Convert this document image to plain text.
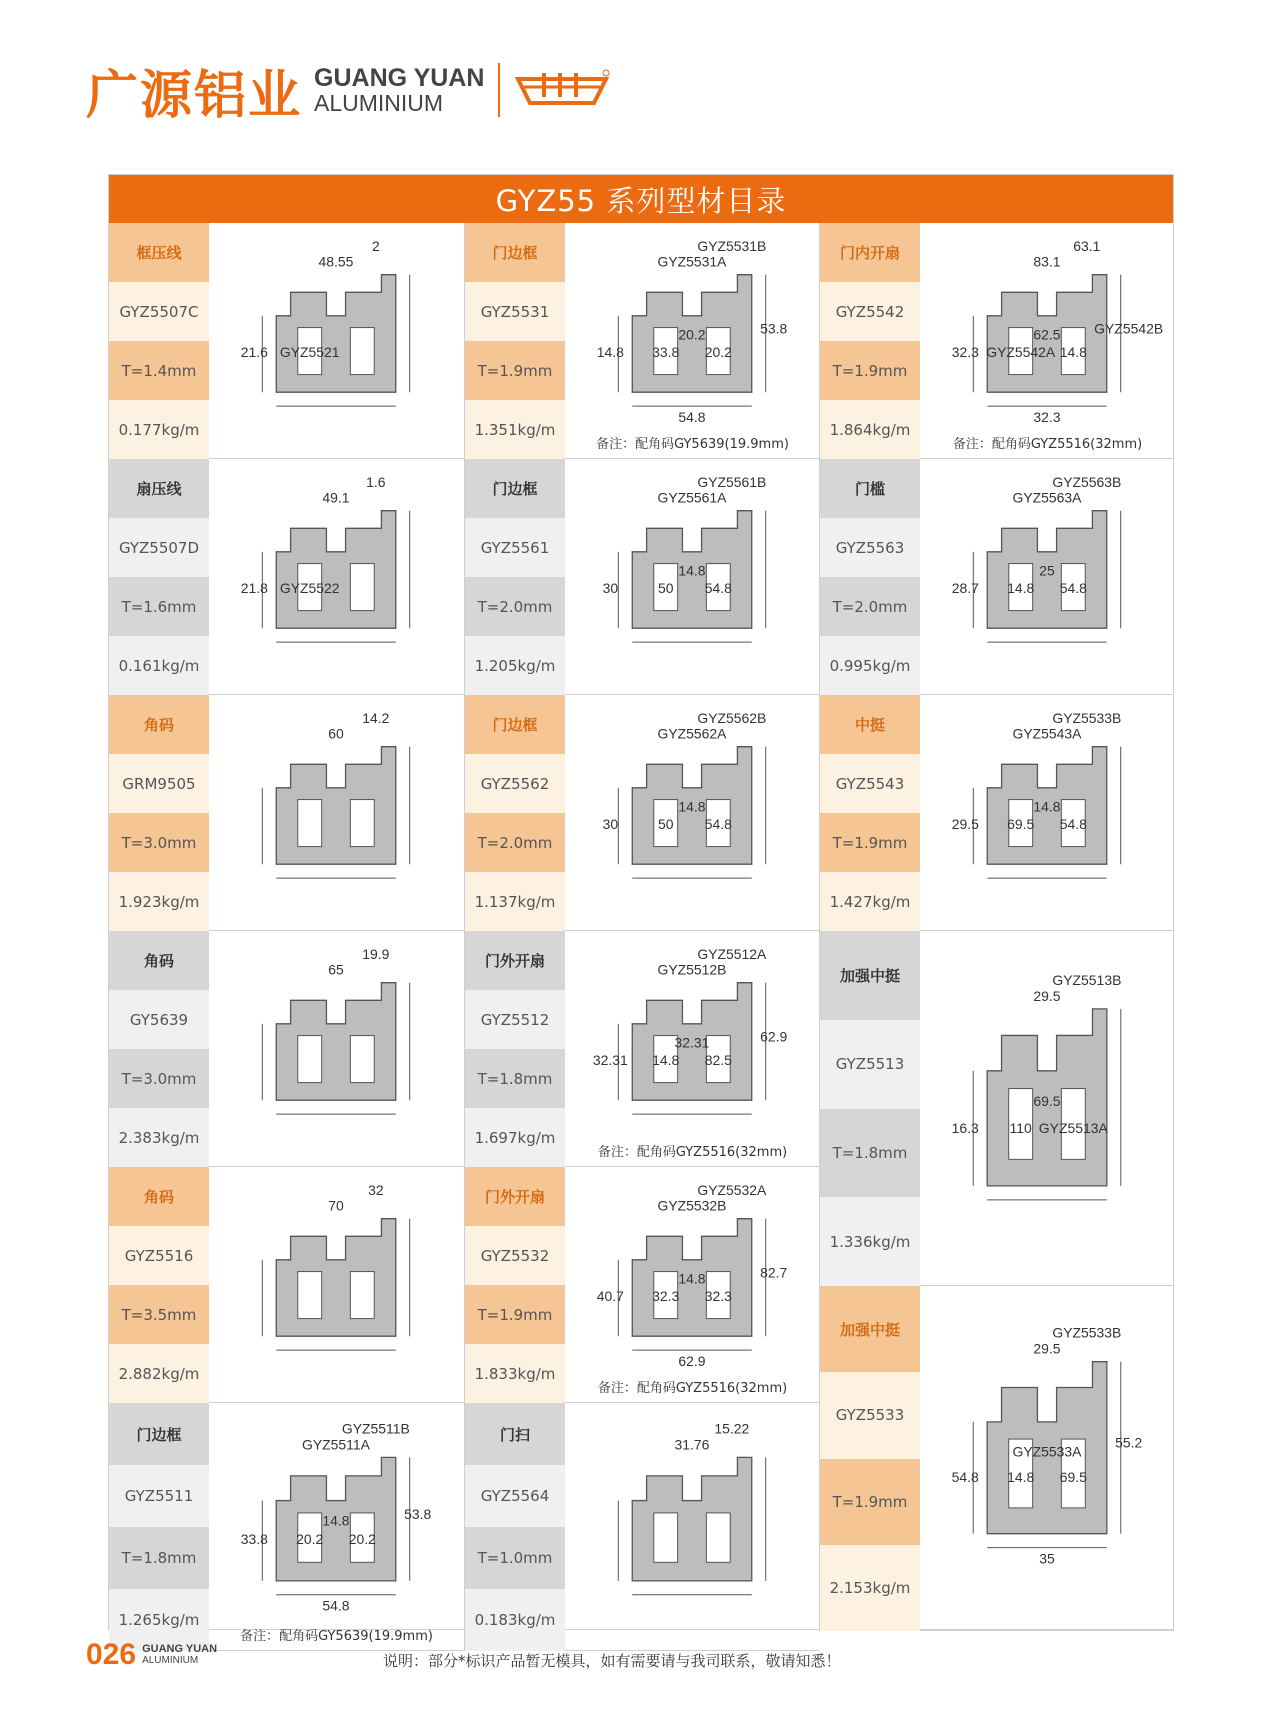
广源铝业 GUANG YUAN
ALUMINIUM
GYZ55 系列型材目录
框压线
GYZ5507C
T=1.4mm
0.177kg/m
48.55
2
21.6 GYZ5521
扇压线
GYZ5507D
T=1.6mm
0.161kg/m
49.1
1.6
21.8 GYZ5522
角码
GRM9505
T=3.0mm
1.923kg/m
60
14.2
角码
GY5639
T=3.0mm
2.383kg/m
65
19.9
角码
GYZ5516
T=3.5mm
2.882kg/m
70
32
门边框
GYZ5511
T=1.8mm
1.265kg/m
GYZ5511A
GYZ5511B
33.8 20.2
14.8
20.2
53.8
54.8
备注：配角码GY5639(19.9mm)
门边框
GYZ5531
T=1.9mm
1.351kg/m
GYZ5531A
GYZ5531B
14.8 33.8
20.2
20.2
53.8
54.8
备注：配角码GY5639(19.9mm)
门边框
GYZ5561
T=2.0mm
1.205kg/m
GYZ5561A
GYZ5561B
30	50
14.8
54.8
门边框
GYZ5562
T=2.0mm
1.137kg/m
GYZ5562A
GYZ5562B
30	50
14.8
54.8
门外开扇
GYZ5512
T=1.8mm
1.697kg/m
GYZ5512B
GYZ5512A
32.31 14.8
32.31
82.5
62.9
备注：配角码GYZ5516(32mm)
门外开扇
GYZ5532
T=1.9mm
1.833kg/m
GYZ5532B
GYZ5532A
40.7 32.3
14.8
32.3
82.7
62.9
备注：配角码GYZ5516(32mm)
门扫
GYZ5564
T=1.0mm
0.183kg/m
31.76
15.22
门内开扇
GYZ5542
T=1.9mm
1.864kg/m
83.1
63.1
32.3 GYZ5542A
62.5
14.8
GYZ5542B
32.3
备注：配角码GYZ5516(32mm)
门槛
GYZ5563
T=2.0mm
0.995kg/m
GYZ5563A
GYZ5563B
28.7 14.8
25
54.8
中挺
GYZ5543
T=1.9mm
1.427kg/m
GYZ5543A
GYZ5533B
29.5 69.5
14.8
54.8
加强中挺
GYZ5513
T=1.8mm
1.336kg/m
29.5
GYZ5513B
16.3 110
69.5
GYZ5513A
加强中挺
GYZ5533
T=1.9mm
2.153kg/m
29.5
GYZ5533B
54.8 14.8
GYZ5533A
69.5
55.2
35
026 GUANG YUAN
ALUMINIUM	说明：部分*标识产品暂无模具，如有需要请与我司联系，敬请知悉！
